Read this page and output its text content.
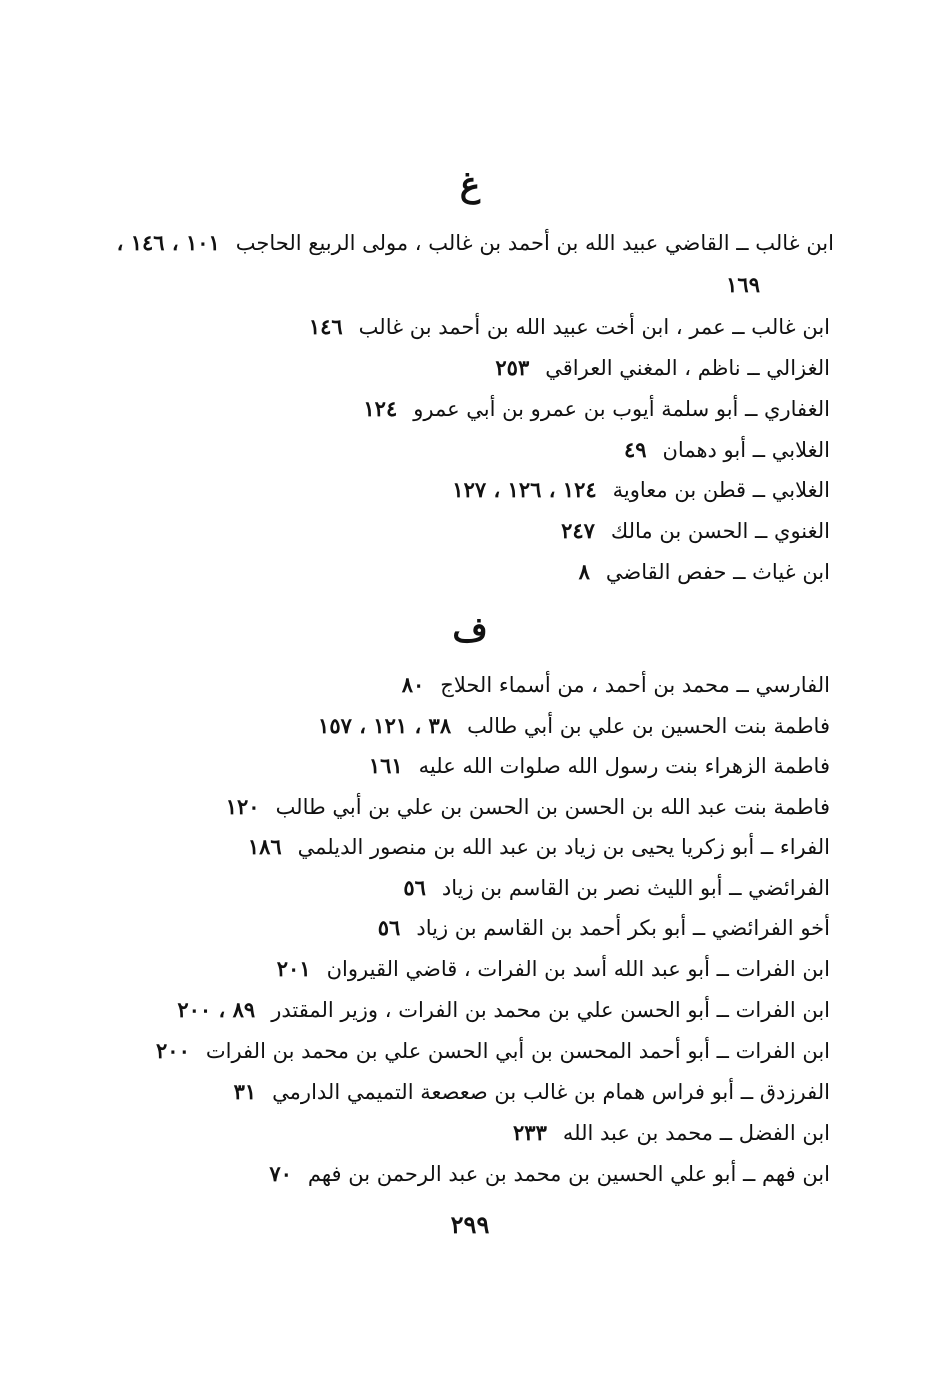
غ
ابن غالب ــ القاضي عبيد الله بن أحمد بن غالب ، مولى الربيع الحاجب١٠١ ، ١٤٦ ،
١٦٩
ابن غالب ــ عمر ، ابن أخت عبيد الله بن أحمد بن غالب١٤٦
الغزالي ــ ناظم ، المغني العراقي٢٥٣
الغفاري ــ أبو سلمة أيوب بن عمرو بن أبي عمرو١٢٤
الغلابي ــ أبو دهمان٤٩
الغلابي ــ قطن بن معاوية١٢٤ ، ١٢٦ ، ١٢٧
الغنوي ــ الحسن بن مالك٢٤٧
ابن غياث ــ حفص القاضي٨
ف
الفارسي ــ محمد بن أحمد ، من أسماء الحلاج٨٠
فاطمة بنت الحسين بن علي بن أبي طالب٣٨ ، ١٢١ ، ١٥٧
فاطمة الزهراء بنت رسول الله صلوات الله عليه١٦١
فاطمة بنت عبد الله بن الحسن بن الحسن بن علي بن أبي طالب١٢٠
الفراء ــ أبو زكريا يحيى بن زياد بن عبد الله بن منصور الديلمي١٨٦
الفرائضي ــ أبو الليث نصر بن القاسم بن زياد٥٦
أخو الفرائضي ــ أبو بكر أحمد بن القاسم بن زياد٥٦
ابن الفرات ــ أبو عبد الله أسد بن الفرات ، قاضي القيروان٢٠١
ابن الفرات ــ أبو الحسن علي بن محمد بن الفرات ، وزير المقتدر٨٩ ، ٢٠٠
ابن الفرات ــ أبو أحمد المحسن بن أبي الحسن علي بن محمد بن الفرات٢٠٠
الفرزدق ــ أبو فراس همام بن غالب بن صعصعة التميمي الدارمي٣١
ابن الفضل ــ محمد بن عبد الله٢٣٣
ابن فهم ــ أبو علي الحسين بن محمد بن عبد الرحمن بن فهم٧٠
٢٩٩
